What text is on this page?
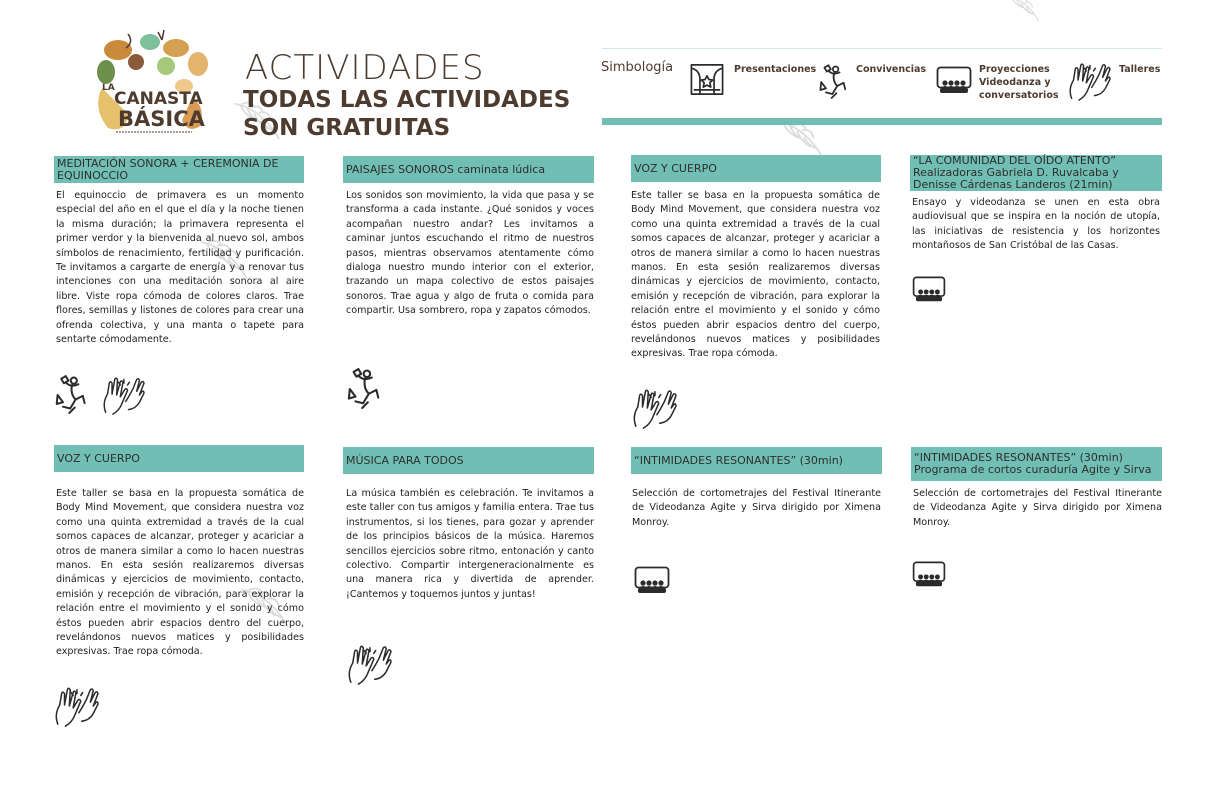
LA
CANASTA
BÁSICA
ACTIVIDADES
TODAS LAS ACTIVIDADES
SON GRATUITAS
Simbología	Presentaciones	Convivencias	Proyecciones
Videodanza y
conversatorios
Talleres
MEDITACIÓN SONORA + CEREMONIA DE
EQUINOCCIO
El equinoccio de primavera es un momento especial del año en el que el día y la noche tienen la misma duración; la primavera representa el primer verdor y la bienvenida al nuevo sol, ambos símbolos de renacimiento, fertilidad y purificación. Te invitamos a cargarte de energía y a renovar tus intenciones con una meditación sonora al aire libre. Viste ropa cómoda de colores claros. Trae flores, semillas y listones de colores para crear una ofrenda colectiva, y una manta o tapete para sentarte cómodamente.
PAISAJES SONOROS caminata lúdica
Los sonidos son movimiento, la vida que pasa y se transforma a cada instante. ¿Qué sonidos y voces acompañan nuestro andar? Les invitamos a caminar juntos escuchando el ritmo de nuestros pasos, mientras observamos atentamente cómo dialoga nuestro mundo interior con el exterior, trazando un mapa colectivo de estos paisajes sonoros. Trae agua y algo de fruta o comida para compartir. Usa sombrero, ropa y zapatos cómodos.
VOZ Y CUERPO
Este taller se basa en la propuesta somática de Body Mind Movement, que considera nuestra voz como una quinta extremidad a través de la cual somos capaces de alcanzar, proteger y acariciar a otros de manera similar a como lo hacen nuestras manos. En esta sesión realizaremos diversas dinámicas y ejercicios de movimiento, contacto, emisión y recepción de vibración, para explorar la relación entre el movimiento y el sonido y cómo éstos pueden abrir espacios dentro del cuerpo, revelándonos nuevos matices y posibilidades expresivas. Trae ropa cómoda.
“LA COMUNIDAD DEL OÍDO ATENTO”
Realizadoras Gabriela D. Ruvalcaba y
Denisse Cárdenas Landeros (21min)
Ensayo y videodanza se unen en esta obra audiovisual que se inspira en la noción de utopía, las iniciativas de resistencia y los horizontes montañosos de San Cristóbal de las Casas.
VOZ Y CUERPO
Este taller se basa en la propuesta somática de Body Mind Movement, que considera nuestra voz como una quinta extremidad a través de la cual somos capaces de alcanzar, proteger y acariciar a otros de manera similar a como lo hacen nuestras manos. En esta sesión realizaremos diversas dinámicas y ejercicios de movimiento, contacto, emisión y recepción de vibración, para explorar la relación entre el movimiento y el sonido y cómo éstos pueden abrir espacios dentro del cuerpo, revelándonos nuevos matices y posibilidades expresivas. Trae ropa cómoda.
MÚSICA PARA TODOS
La música también es celebración. Te invitamos a este taller con tus amigos y familia entera. Trae tus instrumentos, si los tienes, para gozar y aprender de los principios básicos de la música. Haremos sencillos ejercicios sobre ritmo, entonación y canto colectivo. Compartir intergeneracionalmente es una manera rica y divertida de aprender. ¡Cantemos y toquemos juntos y juntas!
“INTIMIDADES RESONANTES” (30min)
Selección de cortometrajes del Festival Itinerante de Videodanza Agite y Sirva dirigido por Ximena Monroy.
“INTIMIDADES RESONANTES” (30min)
Programa de cortos curaduría Agite y Sirva
Selección de cortometrajes del Festival Itinerante de Videodanza Agite y Sirva dirigido por Ximena Monroy.
